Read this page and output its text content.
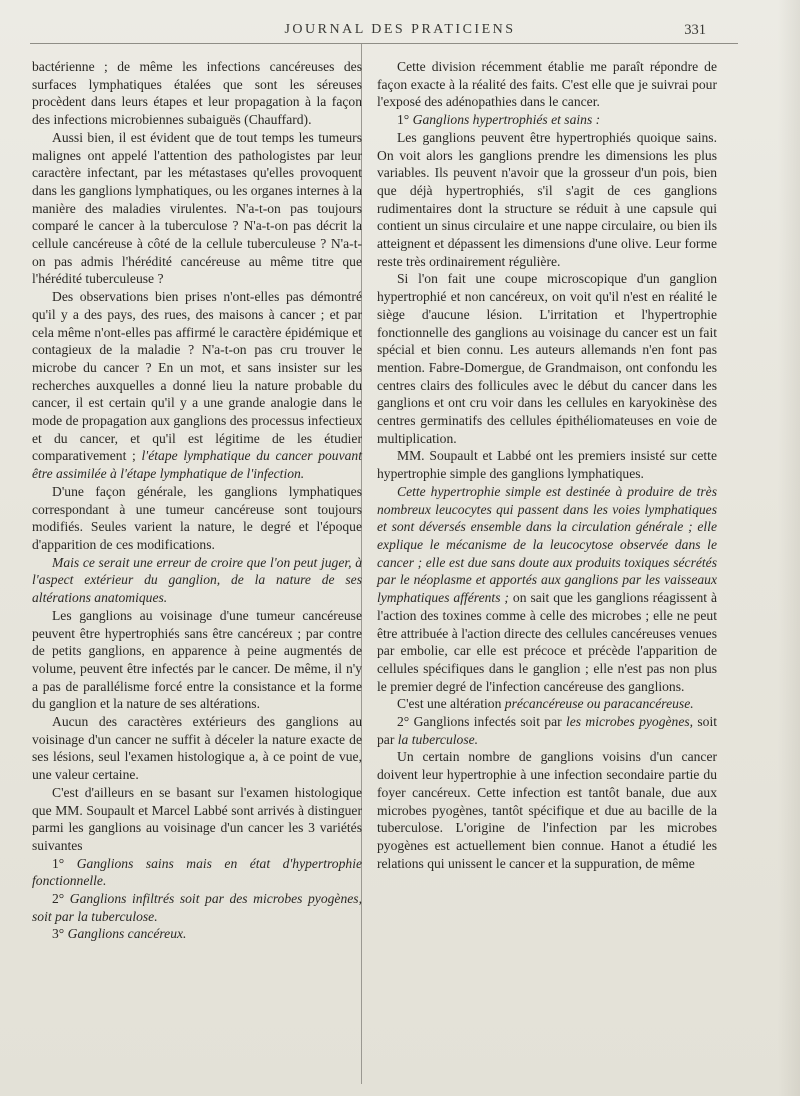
JOURNAL DES PRATICIENS	331

bactérienne ; de même les infections cancéreuses des surfaces lymphatiques étalées que sont les séreuses procèdent dans leurs étapes et leur propagation à la façon des infections microbiennes subaiguës (Chauffard).

Aussi bien, il est évident que de tout temps les tumeurs malignes ont appelé l'attention des pathologistes par leur caractère infectant, par les métastases qu'elles provoquent dans les ganglions lymphatiques, ou les organes internes à la manière des maladies virulentes. N'a-t-on pas toujours comparé le cancer à la tuberculose ? N'a-t-on pas décrit la cellule cancéreuse à côté de la cellule tuberculeuse ? N'a-t-on pas admis l'hérédité cancéreuse au même titre que l'hérédité tuberculeuse ?

Des observations bien prises n'ont-elles pas démontré qu'il y a des pays, des rues, des maisons à cancer ; et par cela même n'ont-elles pas affirmé le caractère épidémique et contagieux de la maladie ? N'a-t-on pas cru trouver le microbe du cancer ? En un mot, et sans insister sur les recherches auxquelles a donné lieu la nature probable du cancer, il est certain qu'il y a une grande analogie dans le mode de propagation aux ganglions des processus infectieux et du cancer, et qu'il est légitime de les étudier comparativement ; l'étape lymphatique du cancer pouvant être assimilée à l'étape lymphatique de l'infection.

D'une façon générale, les ganglions lymphatiques correspondant à une tumeur cancéreuse sont toujours modifiés. Seules varient la nature, le degré et l'époque d'apparition de ces modifications.

Mais ce serait une erreur de croire que l'on peut juger, à l'aspect extérieur du ganglion, de la nature de ses altérations anatomiques.

Les ganglions au voisinage d'une tumeur cancéreuse peuvent être hypertrophiés sans être cancéreux ; par contre de petits ganglions, en apparence à peine augmentés de volume, peuvent être infectés par le cancer. De même, il n'y a pas de parallélisme forcé entre la consistance et la forme du ganglion et la nature de ses altérations.

Aucun des caractères extérieurs des ganglions au voisinage d'un cancer ne suffit à déceler la nature exacte de ses lésions, seul l'examen histologique a, à ce point de vue, une valeur certaine.

C'est d'ailleurs en se basant sur l'examen histologique que MM. Soupault et Marcel Labbé sont arrivés à distinguer parmi les ganglions au voisinage d'un cancer les 3 variétés suivantes

1° Ganglions sains mais en état d'hypertrophie fonctionnelle.

2° Ganglions infiltrés soit par des microbes pyogènes, soit par la tuberculose.

3° Ganglions cancéreux.

Cette division récemment établie me paraît répondre de façon exacte à la réalité des faits. C'est elle que je suivrai pour l'exposé des adénopathies dans le cancer.

1° Ganglions hypertrophiés et sains :

Les ganglions peuvent être hypertrophiés quoique sains. On voit alors les ganglions prendre les dimensions les plus variables. Ils peuvent n'avoir que la grosseur d'un pois, bien que déjà hypertrophiés, s'il s'agit de ces ganglions rudimentaires dont la structure se réduit à une capsule qui contient un sinus circulaire et une nappe circulaire, ou bien ils atteignent et dépassent les dimensions d'une olive. Leur forme reste très ordinairement régulière.

Si l'on fait une coupe microscopique d'un ganglion hypertrophié et non cancéreux, on voit qu'il n'est en réalité le siège d'aucune lésion. L'irritation et l'hypertrophie fonctionnelle des ganglions au voisinage du cancer est un fait spécial et bien connu. Les auteurs allemands n'en font pas mention. Fabre-Domergue, de Grandmaison, ont confondu les centres clairs des follicules avec le début du cancer dans les ganglions et ont cru voir dans les cellules en karyokinèse des centres germinatifs des cellules épithéliomateuses en voie de multiplication.

MM. Soupault et Labbé ont les premiers insisté sur cette hypertrophie simple des ganglions lymphatiques.

Cette hypertrophie simple est destinée à produire de très nombreux leucocytes qui passent dans les voies lymphatiques et sont déversés ensemble dans la circulation générale ; elle explique le mécanisme de la leucocytose observée dans le cancer ; elle est due sans doute aux produits toxiques sécrétés par le néoplasme et apportés aux ganglions par les vaisseaux lymphatiques afférents ; on sait que les ganglions réagissent à l'action des toxines comme à celle des microbes ; elle ne peut être attribuée à l'action directe des cellules cancéreuses venues par embolie, car elle est précoce et précède l'apparition de cellules spécifiques dans le ganglion ; elle n'est pas non plus le premier degré de l'infection cancéreuse des ganglions.

C'est une altération précancéreuse ou paracancéreuse.

2° Ganglions infectés soit par les microbes pyogènes, soit par la tuberculose.

Un certain nombre de ganglions voisins d'un cancer doivent leur hypertrophie à une infection secondaire partie du foyer cancéreux. Cette infection est tantôt banale, due aux microbes pyogènes, tantôt spécifique et due au bacille de la tuberculose. L'origine de l'infection par les microbes pyogènes est actuellement bien connue. Hanot a étudié les relations qui unissent le cancer et la suppuration, de même
